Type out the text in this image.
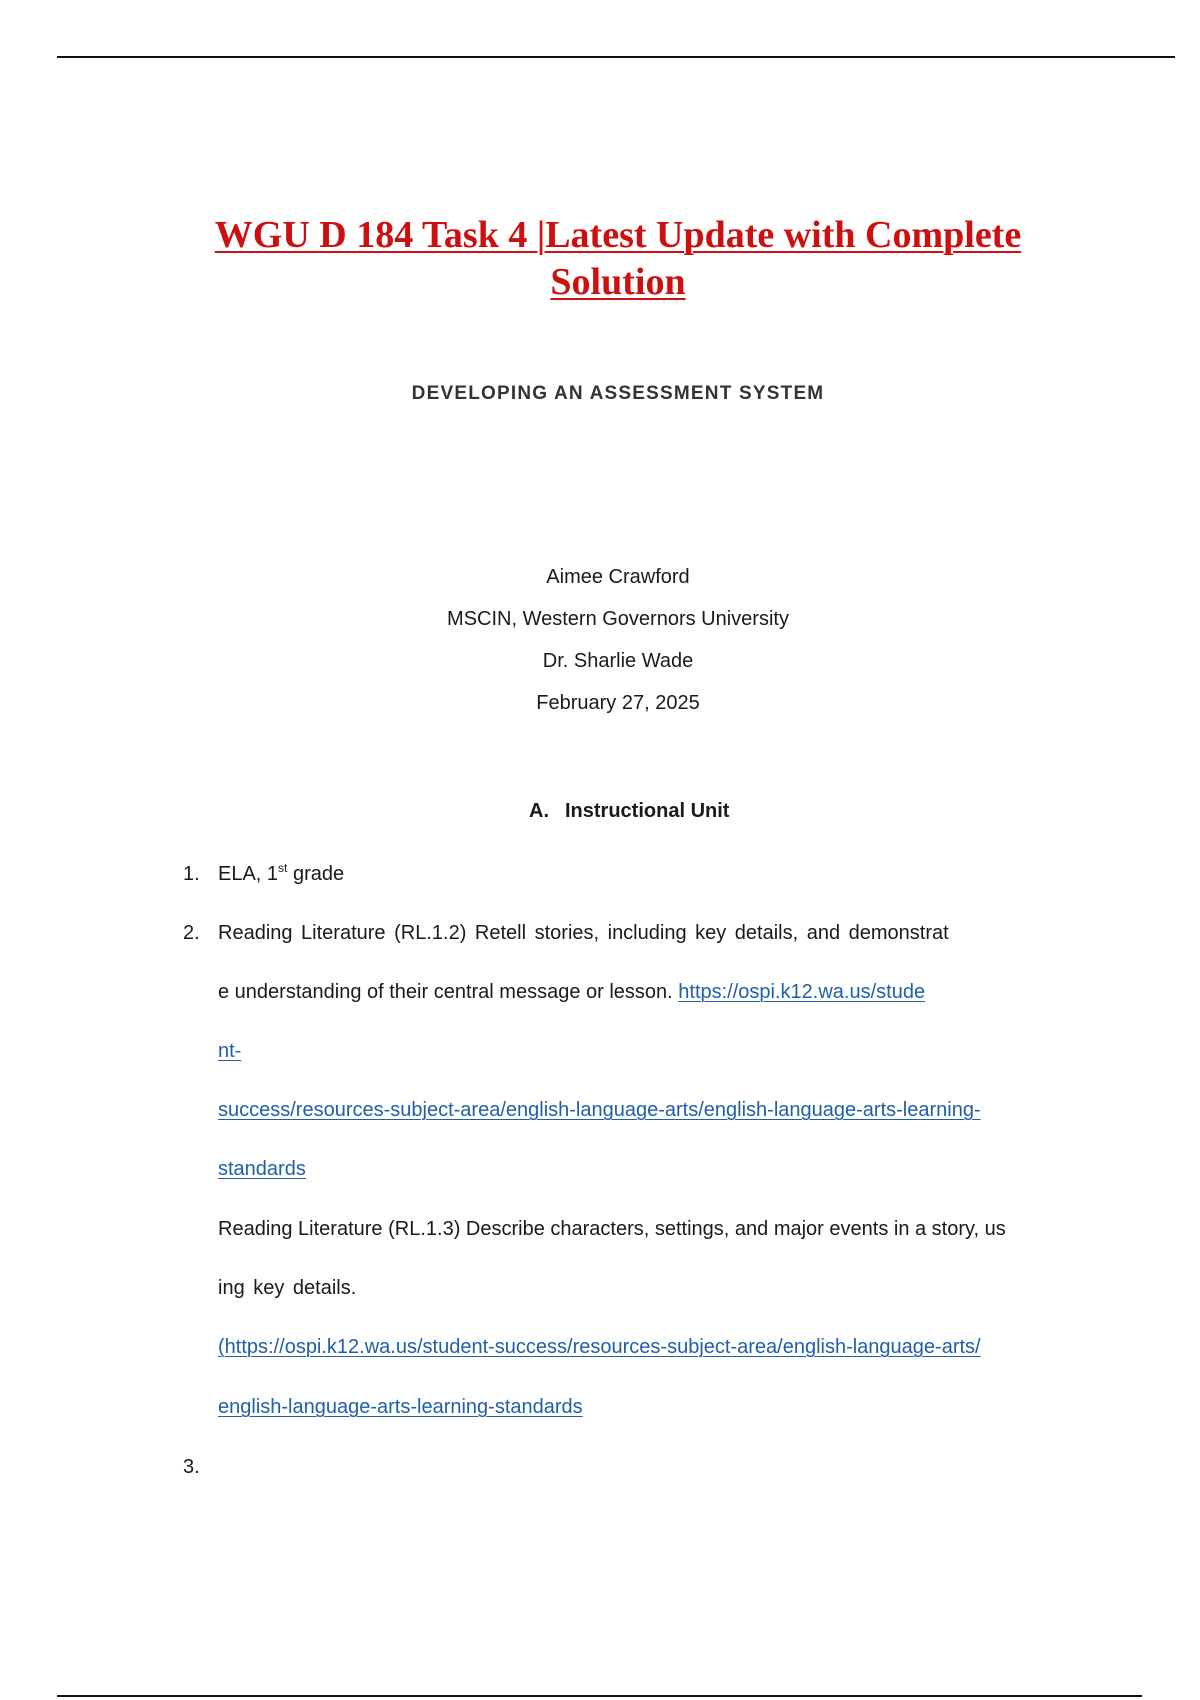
WGU D 184 Task 4 |Latest Update with Complete
Solution
DEVELOPING AN ASSESSMENT SYSTEM
Aimee Crawford
MSCIN, Western Governors University
Dr. Sharlie Wade
February 27, 2025
A. Instructional Unit
1. ELA, 1st grade
2. Reading Literature (RL.1.2) Retell stories, including key details, and demonstrat
e understanding of their central message or lesson. https://ospi.k12.wa.us/stude
nt-
success/resources-subject-area/english-language-arts/english-language-arts-learning-
standards
Reading Literature (RL.1.3) Describe characters, settings, and major events in a story, us
ing key details.
(https://ospi.k12.wa.us/student-success/resources-subject-area/english-language-arts/
english-language-arts-learning-standards
3.
